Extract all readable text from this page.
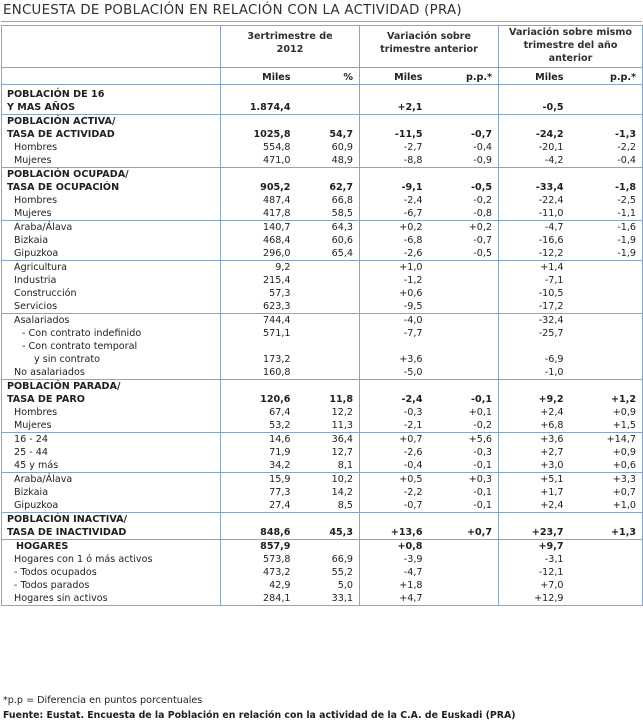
ENCUESTA DE POBLACIÓN EN RELACIÓN CON LA ACTIVIDAD (PRA)
	3ertrimestre de 2012		Variación sobre trimestre anterior		Variación sobre mismo trimestre del año anterior	
	Miles	%	Miles	p.p.*	Miles	p.p.*
POBLACIÓN DE 16						
Y MAS AÑOS	1.874,4		+2,1		-0,5	
POBLACIÓN ACTIVA/						
TASA DE ACTIVIDAD	1025,8	54,7	-11,5	-0,7	-24,2	-1,3
Hombres	554,8	60,9	-2,7	-0,4	-20,1	-2,2
Mujeres	471,0	48,9	-8,8	-0,9	-4,2	-0,4
POBLACIÓN OCUPADA/						
TASA DE OCUPACIÓN	905,2	62,7	-9,1	-0,5	-33,4	-1,8
Hombres	487,4	66,8	-2,4	-0,2	-22,4	-2,5
Mujeres	417,8	58,5	-6,7	-0,8	-11,0	-1,1
Araba/Álava	140,7	64,3	+0,2	+0,2	-4,7	-1,6
Bizkaia	468,4	60,6	-6,8	-0,7	-16,6	-1,9
Gipuzkoa	296,0	65,4	-2,6	-0,5	-12,2	-1,9
Agricultura	9,2		+1,0		+1,4	
Industria	215,4		-1,2		-7,1	
Construcción	57,3		+0,6		-10,5	
Servicios	623,3		-9,5		-17,2	
Asalariados	744,4		-4,0		-32,4	
- Con contrato indefinido	571,1		-7,7		-25,7	
- Con contrato temporal						
y sin contrato	173,2		+3,6		-6,9	
No asalariados	160,8		-5,0		-1,0	
POBLACIÓN PARADA/						
TASA DE PARO	120,6	11,8	-2,4	-0,1	+9,2	+1,2
Hombres	67,4	12,2	-0,3	+0,1	+2,4	+0,9
Mujeres	53,2	11,3	-2,1	-0,2	+6,8	+1,5
16 - 24	14,6	36,4	+0,7	+5,6	+3,6	+14,7
25 - 44	71,9	12,7	-2,6	-0,3	+2,7	+0,9
45 y más	34,2	8,1	-0,4	-0,1	+3,0	+0,6
Araba/Álava	15,9	10,2	+0,5	+0,3	+5,1	+3,3
Bizkaia	77,3	14,2	-2,2	-0,1	+1,7	+0,7
Gipuzkoa	27,4	8,5	-0,7	-0,1	+2,4	+1,0
POBLACIÓN INACTIVA/						
TASA DE INACTIVIDAD	848,6	45,3	+13,6	+0,7	+23,7	+1,3
HOGARES	857,9		+0,8		+9,7	
Hogares con 1 ó más activos	573,8	66,9	-3,9		-3,1	
- Todos ocupados	473,2	55,2	-4,7		-12,1	
- Todos parados	42,9	5,0	+1,8		+7,0	
Hogares sin activos	284,1	33,1	+4,7		+12,9	
*p.p = Diferencia en puntos porcentuales
Fuente: Eustat. Encuesta de la Población en relación con la actividad de la C.A. de Euskadi (PRA)
